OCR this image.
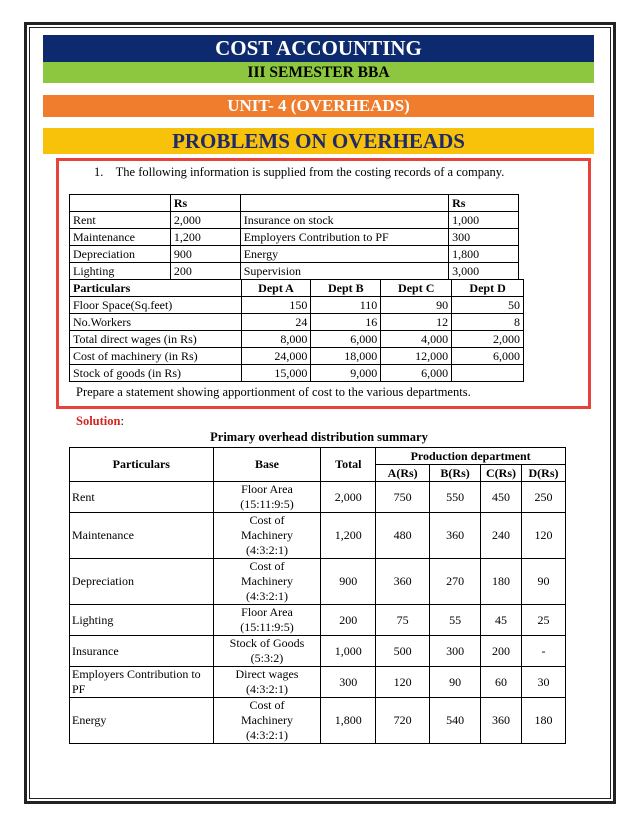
COST ACCOUNTING
III SEMESTER BBA
UNIT- 4 (OVERHEADS)
PROBLEMS ON OVERHEADS
1. The following information is supplied from the costing records of a company.
	Rs		Rs
Rent	2,000	Insurance on stock	1,000
Maintenance	1,200	Employers Contribution to PF	300
Depreciation	900	Energy	1,800
Lighting	200	Supervision	3,000
Particulars	Dept A	Dept B	Dept C	Dept D
Floor Space(Sq.feet)	150	110	90	50
No.Workers	24	16	12	8
Total direct wages (in Rs)	8,000	6,000	4,000	2,000
Cost of machinery (in Rs)	24,000	18,000	12,000	6,000
Stock of goods (in Rs)	15,000	9,000	6,000	
Prepare a statement showing apportionment of cost to the various departments.
Solution:
Primary overhead distribution summary
Particulars	Base	Total	Production department			
			A(Rs)	B(Rs)	C(Rs)	D(Rs)
Rent	Floor Area
(15:11:9:5)	2,000	750	550	450	250
Maintenance	Cost of
Machinery
(4:3:2:1)	1,200	480	360	240	120
Depreciation	Cost of
Machinery
(4:3:2:1)	900	360	270	180	90
Lighting	Floor Area
(15:11:9:5)	200	75	55	45	25
Insurance	Stock of Goods
(5:3:2)	1,000	500	300	200	-
Employers Contribution to PF	Direct wages
(4:3:2:1)	300	120	90	60	30
Energy	Cost of
Machinery
(4:3:2:1)	1,800	720	540	360	180
